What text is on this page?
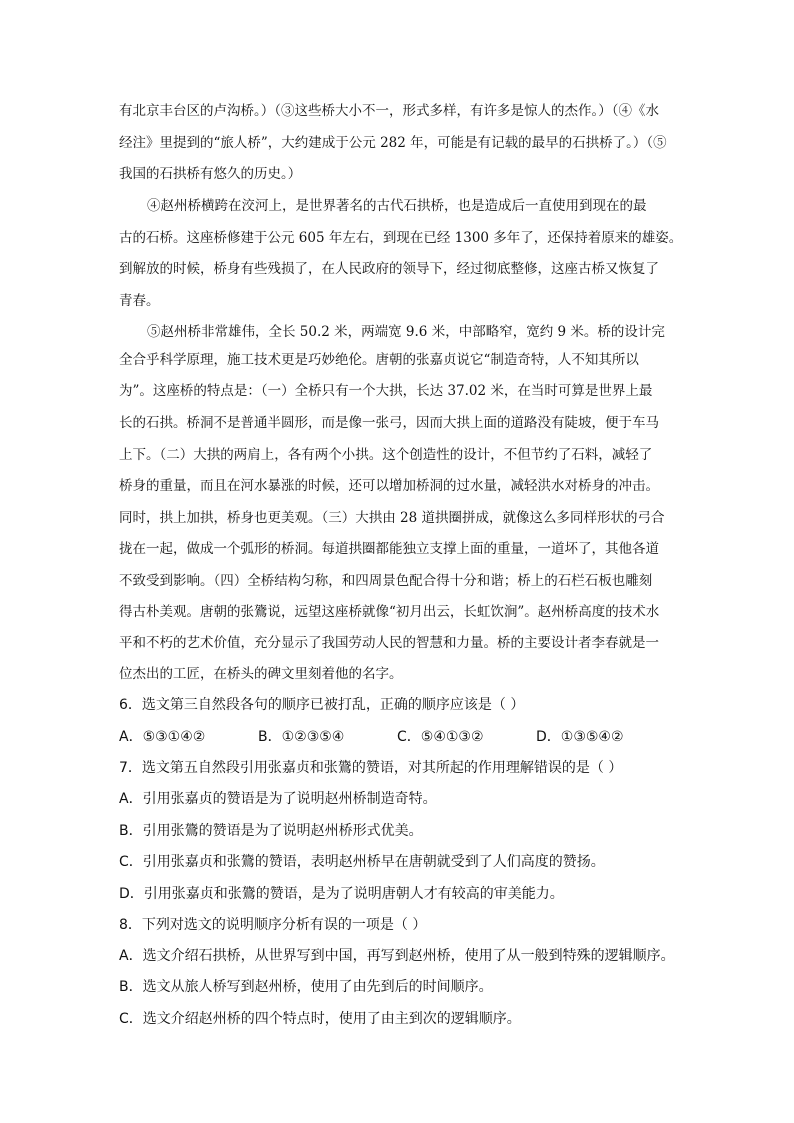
有北京丰台区的卢沟桥。）（③这些桥大小不一，形式多样，有许多是惊人的杰作。）（④《水
经注》里提到的“旅人桥”，大约建成于公元 282 年，可能是有记载的最早的石拱桥了。）（⑤
我国的石拱桥有悠久的历史。）
④赵州桥横跨在洨河上，是世界著名的古代石拱桥，也是造成后一直使用到现在的最
古的石桥。这座桥修建于公元 605 年左右，到现在已经 1300 多年了，还保持着原来的雄姿。
到解放的时候，桥身有些残损了，在人民政府的领导下，经过彻底整修，这座古桥又恢复了
青春。
⑤赵州桥非常雄伟，全长 50.2 米，两端宽 9.6 米，中部略窄，宽约 9 米。桥的设计完
全合乎科学原理，施工技术更是巧妙绝伦。唐朝的张嘉贞说它“制造奇特，人不知其所以
为”。这座桥的特点是：（一）全桥只有一个大拱，长达 37.02 米，在当时可算是世界上最
长的石拱。桥洞不是普通半圆形，而是像一张弓，因而大拱上面的道路没有陡坡，便于车马
上下。（二）大拱的两肩上，各有两个小拱。这个创造性的设计，不但节约了石料，减轻了
桥身的重量，而且在河水暴涨的时候，还可以增加桥洞的过水量，减轻洪水对桥身的冲击。
同时，拱上加拱，桥身也更美观。（三）大拱由 28 道拱圈拼成，就像这么多同样形状的弓合
拢在一起，做成一个弧形的桥洞。每道拱圈都能独立支撑上面的重量，一道坏了，其他各道
不致受到影响。（四）全桥结构匀称，和四周景色配合得十分和谐；桥上的石栏石板也雕刻
得古朴美观。唐朝的张鷟说，远望这座桥就像“初月出云，长虹饮涧”。赵州桥高度的技术水
平和不朽的艺术价值，充分显示了我国劳动人民的智慧和力量。桥的主要设计者李春就是一
位杰出的工匠，在桥头的碑文里刻着他的名字。
6．选文第三自然段各句的顺序已被打乱，正确的顺序应该是（ ）
A．⑤③①④②	B．①②③⑤④	C．⑤④①③②	D．①③⑤④②
7．选文第五自然段引用张嘉贞和张鷟的赞语，对其所起的作用理解错误的是（ ）
A．引用张嘉贞的赞语是为了说明赵州桥制造奇特。
B．引用张鷟的赞语是为了说明赵州桥形式优美。
C．引用张嘉贞和张鷟的赞语，表明赵州桥早在唐朝就受到了人们高度的赞扬。
D．引用张嘉贞和张鷟的赞语，是为了说明唐朝人才有较高的审美能力。
8．下列对选文的说明顺序分析有误的一项是（ ）
A．选文介绍石拱桥，从世界写到中国，再写到赵州桥，使用了从一般到特殊的逻辑顺序。
B．选文从旅人桥写到赵州桥，使用了由先到后的时间顺序。
C．选文介绍赵州桥的四个特点时，使用了由主到次的逻辑顺序。
